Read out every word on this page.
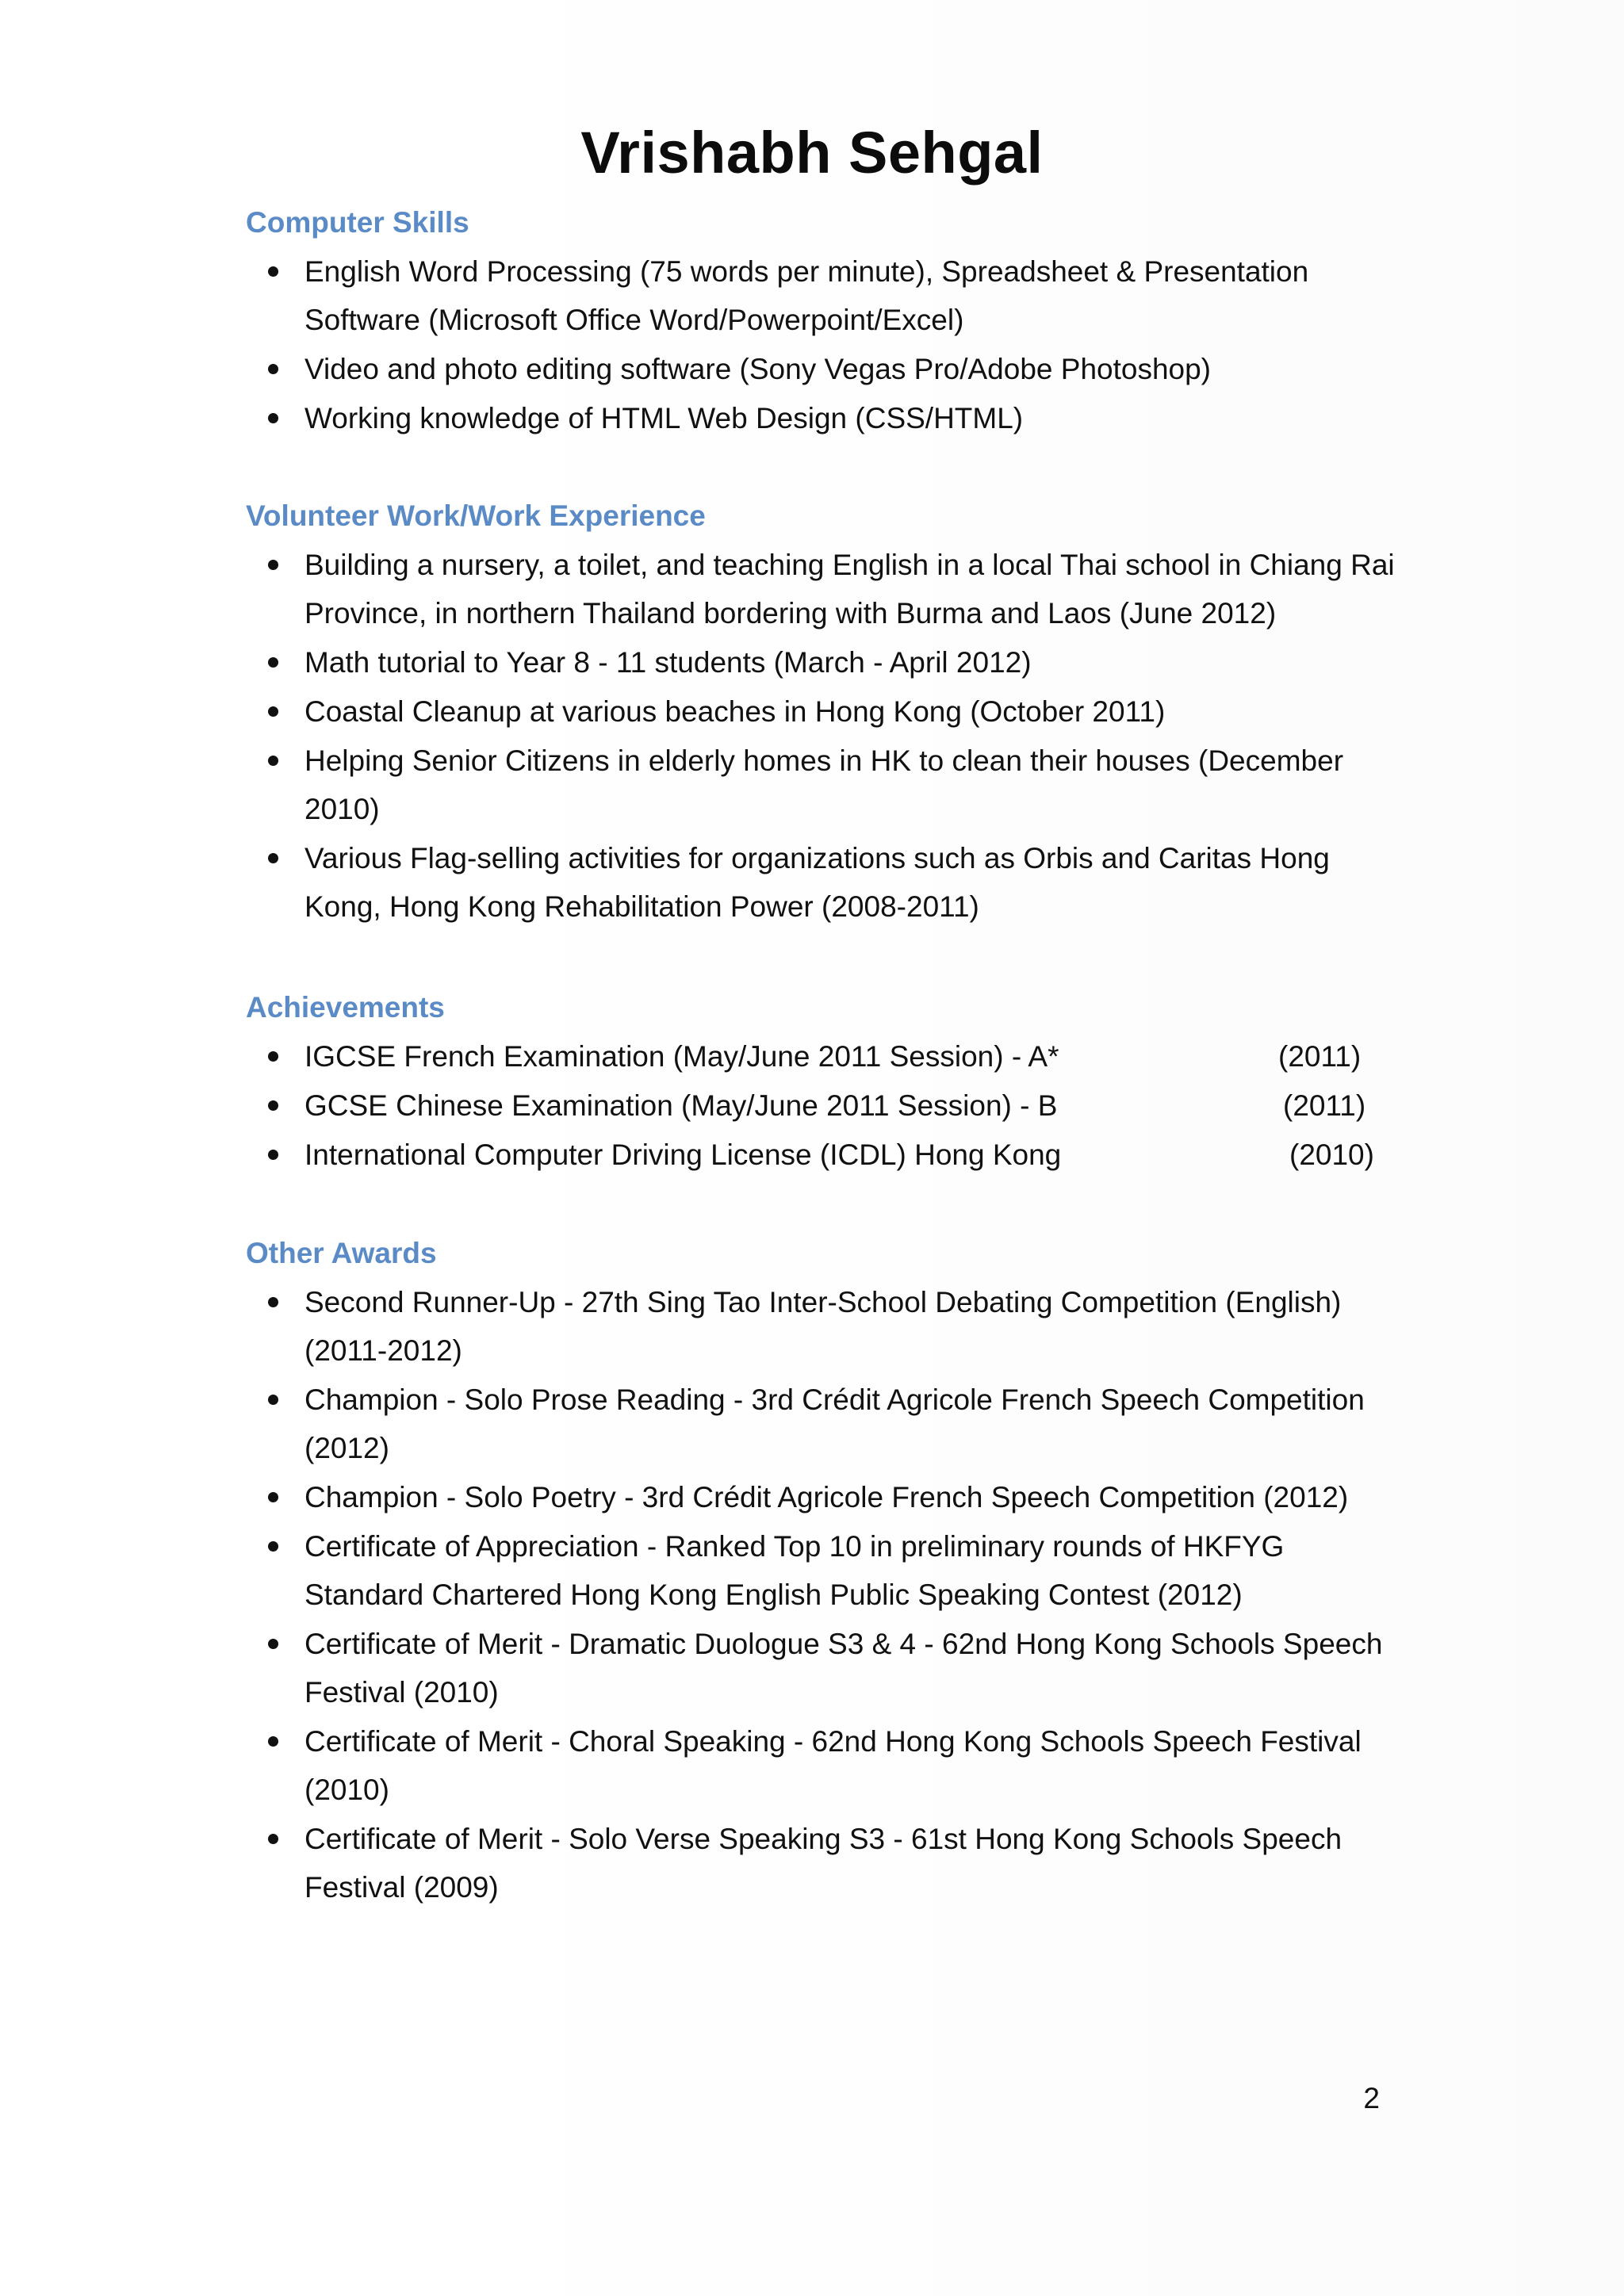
Vrishabh Sehgal
Computer Skills
English Word Processing (75 words per minute), Spreadsheet & Presentation Software (Microsoft Office Word/Powerpoint/Excel)
Video and photo editing software (Sony Vegas Pro/Adobe Photoshop)
Working knowledge of HTML Web Design (CSS/HTML)
Volunteer Work/Work Experience
Building a nursery, a toilet, and teaching English in a local Thai school in Chiang Rai Province, in northern Thailand bordering with Burma and Laos (June 2012)
Math tutorial to Year 8 - 11 students (March - April 2012)
Coastal Cleanup at various beaches in Hong Kong (October 2011)
Helping Senior Citizens in elderly homes in HK to clean their houses (December 2010)
Various Flag-selling activities for organizations such as Orbis and Caritas Hong Kong, Hong Kong Rehabilitation Power (2008-2011)
Achievements
IGCSE French Examination (May/June 2011 Session) - A*	(2011)
GCSE Chinese Examination (May/June 2011 Session) - B	(2011)
International Computer Driving License (ICDL) Hong Kong	(2010)
Other Awards
Second Runner-Up - 27th Sing Tao Inter-School Debating Competition (English) (2011-2012)
Champion - Solo Prose Reading - 3rd Crédit Agricole French Speech Competition (2012)
Champion - Solo Poetry - 3rd Crédit Agricole French Speech Competition (2012)
Certificate of Appreciation - Ranked Top 10 in preliminary rounds of HKFYG Standard Chartered Hong Kong English Public Speaking Contest (2012)
Certificate of Merit - Dramatic Duologue S3 & 4 - 62nd Hong Kong Schools Speech Festival (2010)
Certificate of Merit - Choral Speaking - 62nd Hong Kong Schools Speech Festival (2010)
Certificate of Merit - Solo Verse Speaking S3 - 61st Hong Kong Schools Speech Festival (2009)
2
